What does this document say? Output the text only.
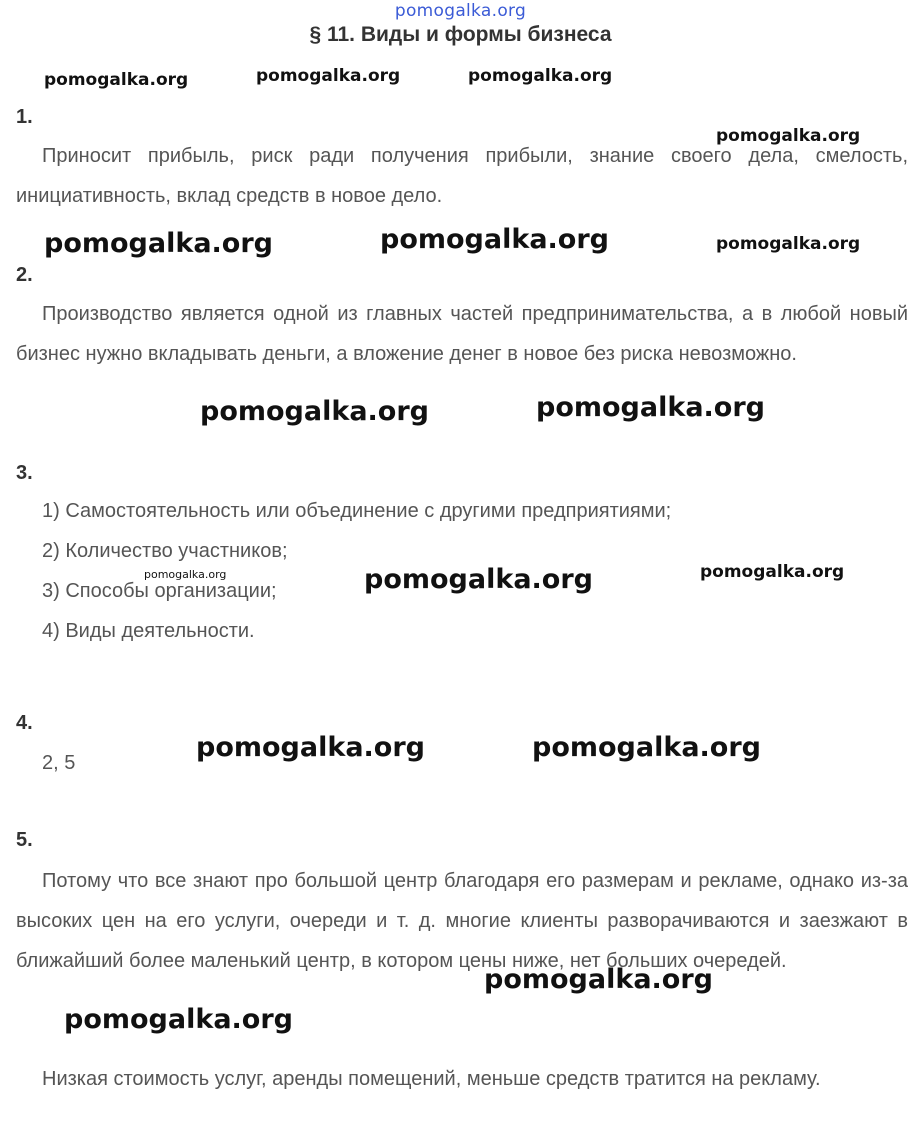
pomogalka.org
§ 11. Виды и формы бизнеса
1.
Приносит прибыль, риск ради получения прибыли, знание своего дела, смелость, инициативность, вклад средств в новое дело.
2.
Производство является одной из главных частей предпринимательства, а в любой новый бизнес нужно вкладывать деньги, а вложение денег в новое без риска невозможно.
3.
1) Самостоятельность или объединение с другими предприятиями;
2) Количество участников;
3) Способы организации;
4) Виды деятельности.
4.
2, 5
5.
Потому что все знают про большой центр благодаря его размерам и рекламе, однако из-за высоких цен на его услуги, очереди и т. д. многие клиенты разворачиваются и заезжают в ближайший более маленький центр, в котором цены ниже, нет больших очередей.
Низкая стоимость услуг, аренды помещений, меньше средств тратится на рекламу.
pomogalka.org	pomogalka.org	pomogalka.org
pomogalka.org
pomogalka.org	pomogalka.org	pomogalka.org
pomogalka.org	pomogalka.org
pomogalka.org	pomogalka.org	pomogalka.org
pomogalka.org	pomogalka.org
pomogalka.org
pomogalka.org
